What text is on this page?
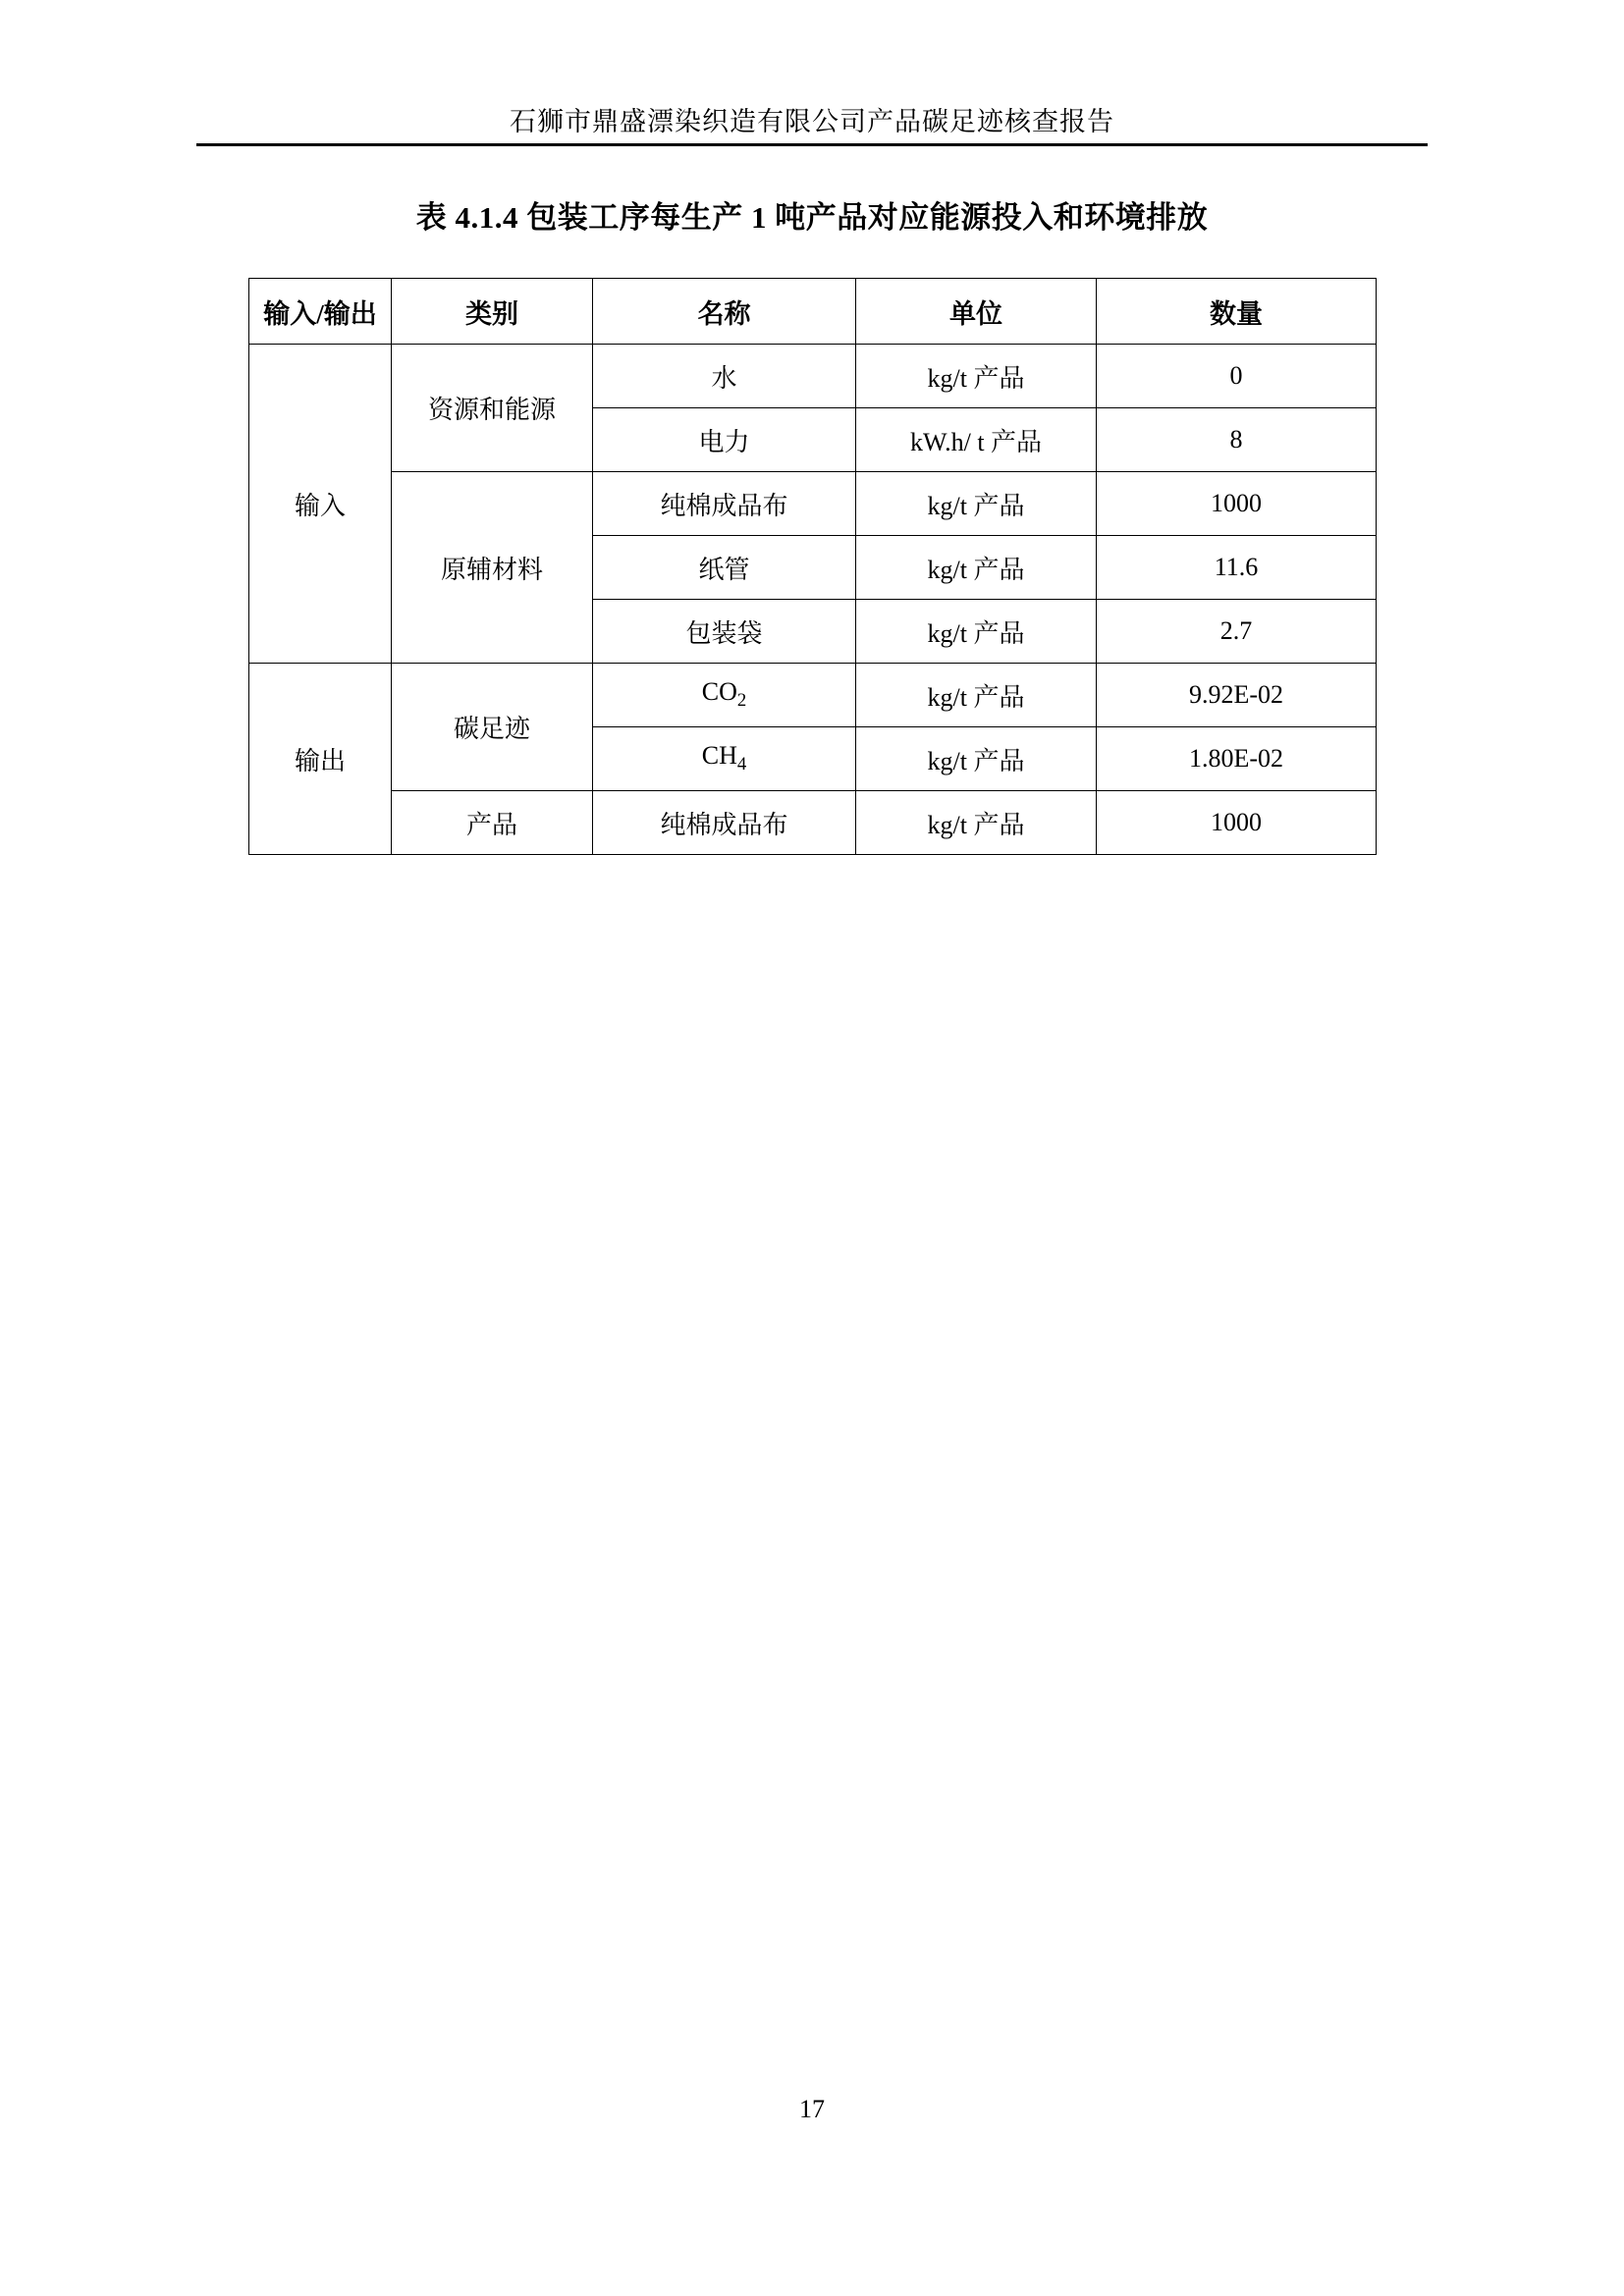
石狮市鼎盛漂染织造有限公司产品碳足迹核查报告
表 4.1.4 包装工序每生产 1 吨产品对应能源投入和环境排放
输入/输出	类别	名称	单位	数量
输入	资源和能源	水	kg/t 产品	0
		电力	kW.h/ t 产品	8
	原辅材料	纯棉成品布	kg/t 产品	1000
		纸管	kg/t 产品	11.6
		包装袋	kg/t 产品	2.7
输出	碳足迹	$CO_2$	kg/t 产品	9.92E-02
		$CH_4$	kg/t 产品	1.80E-02
	产品	纯棉成品布	kg/t 产品	1000
17
